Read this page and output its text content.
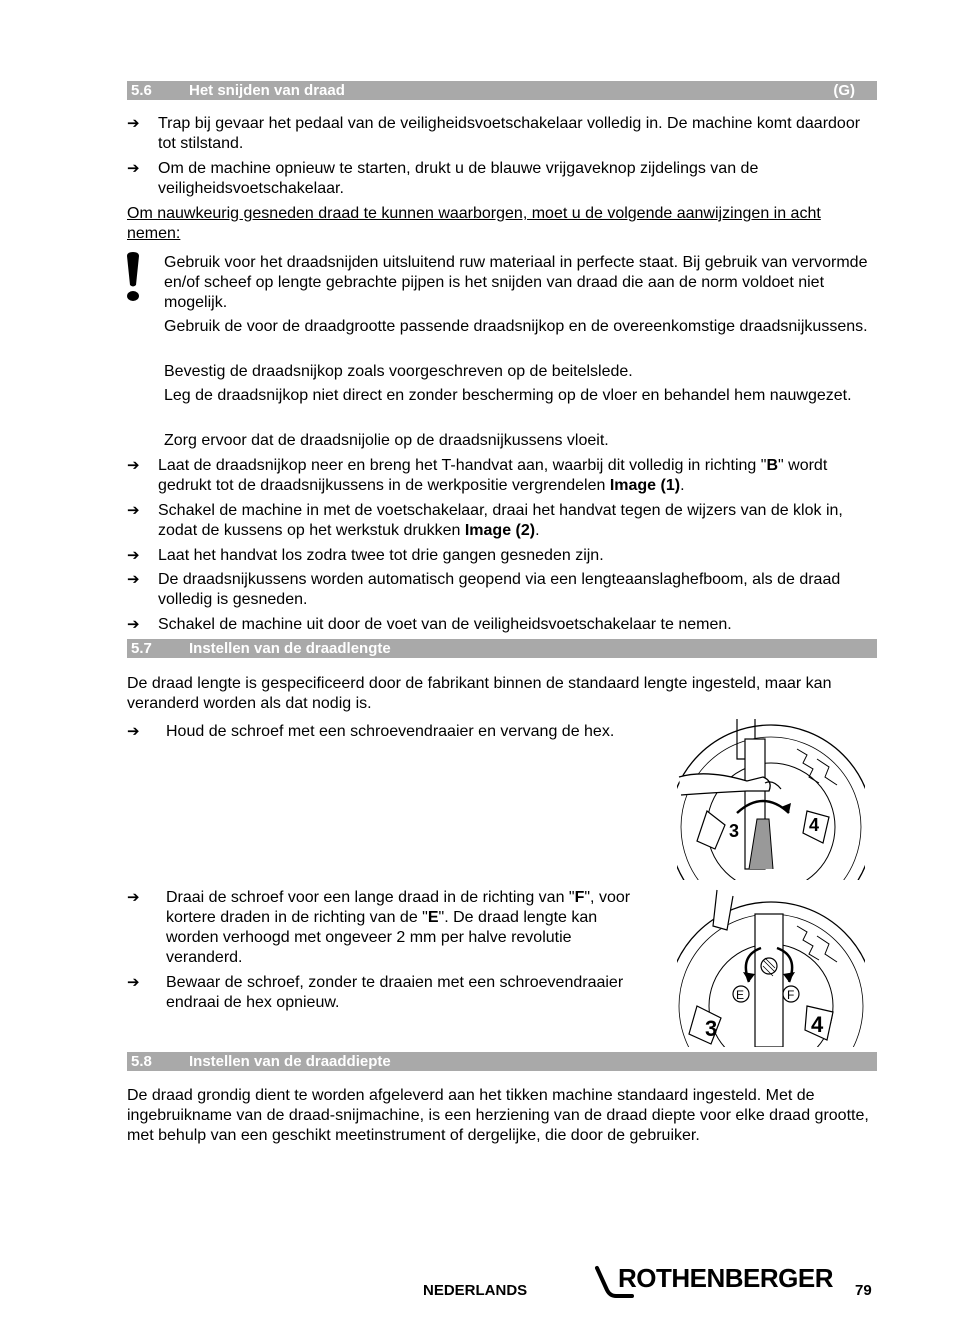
5.6 Het snijden van draad	(G)
➔	Trap bij gevaar het pedaal van de veiligheidsvoetschakelaar volledig in. De machine komt daardoor tot stilstand.
➔	Om de machine opnieuw te starten, drukt u de blauwe vrijgaveknop zijdelings van de veiligheidsvoetschakelaar.
Om nauwkeurig gesneden draad te kunnen waarborgen, moet u de volgende aanwijzingen in acht nemen:
Gebruik voor het draadsnijden uitsluitend ruw materiaal in perfecte staat. Bij gebruik van vervormde en/of scheef op lengte gebrachte pijpen is het snijden van draad die aan de norm voldoet niet mogelijk.
Gebruik de voor de draadgrootte passende draadsnijkop en de overeenkomstige draadsnijkussens.
Bevestig de draadsnijkop zoals voorgeschreven op de beitelslede.
Leg de draadsnijkop niet direct en zonder bescherming op de vloer en behandel hem nauwgezet.
Zorg ervoor dat de draadsnijolie op de draadsnijkussens vloeit.
➔	Laat de draadsnijkop neer en breng het T-handvat aan, waarbij dit volledig in richting "B" wordt gedrukt tot de draadsnijkussens in de werkpositie vergrendelen Image (1).
➔	Schakel de machine in met de voetschakelaar, draai het handvat tegen de wijzers van de klok in, zodat de kussens op het werkstuk drukken Image (2).
➔	Laat het handvat los zodra twee tot drie gangen gesneden zijn.
➔	De draadsnijkussens worden automatisch geopend via een lengteaanslaghefboom, als de draad volledig is gesneden.
➔	Schakel de machine uit door de voet van de veiligheidsvoetschakelaar te nemen.
5.7 Instellen van de draadlengte
De draad lengte is gespecificeerd door de fabrikant binnen de standaard lengte ingesteld, maar kan veranderd worden als dat nodig is.
➔	Houd de schroef met een schroevendraaier en vervang de hex.
3	4
➔	Draai de schroef voor een lange draad in de richting van "F", voor kortere draden in de richting van de "E". De draad lengte kan worden verhoogd met ongeveer 2 mm per halve revolutie veranderd.
➔	Bewaar de schroef, zonder te draaien met een schroevendraaier endraai de hex opnieuw.	E	F
3	4
5.8 Instellen van de draaddiepte
De draad grondig dient te worden afgeleverd aan het tikken machine standaard ingesteld. Met de ingebruikname van de draad-snijmachine, is een herziening van de draad diepte voor elke draad grootte, met behulp van een geschikt meetinstrument of dergelijke, die door de gebruiker.
NEDERLANDS	ROTHENBERGER 79
